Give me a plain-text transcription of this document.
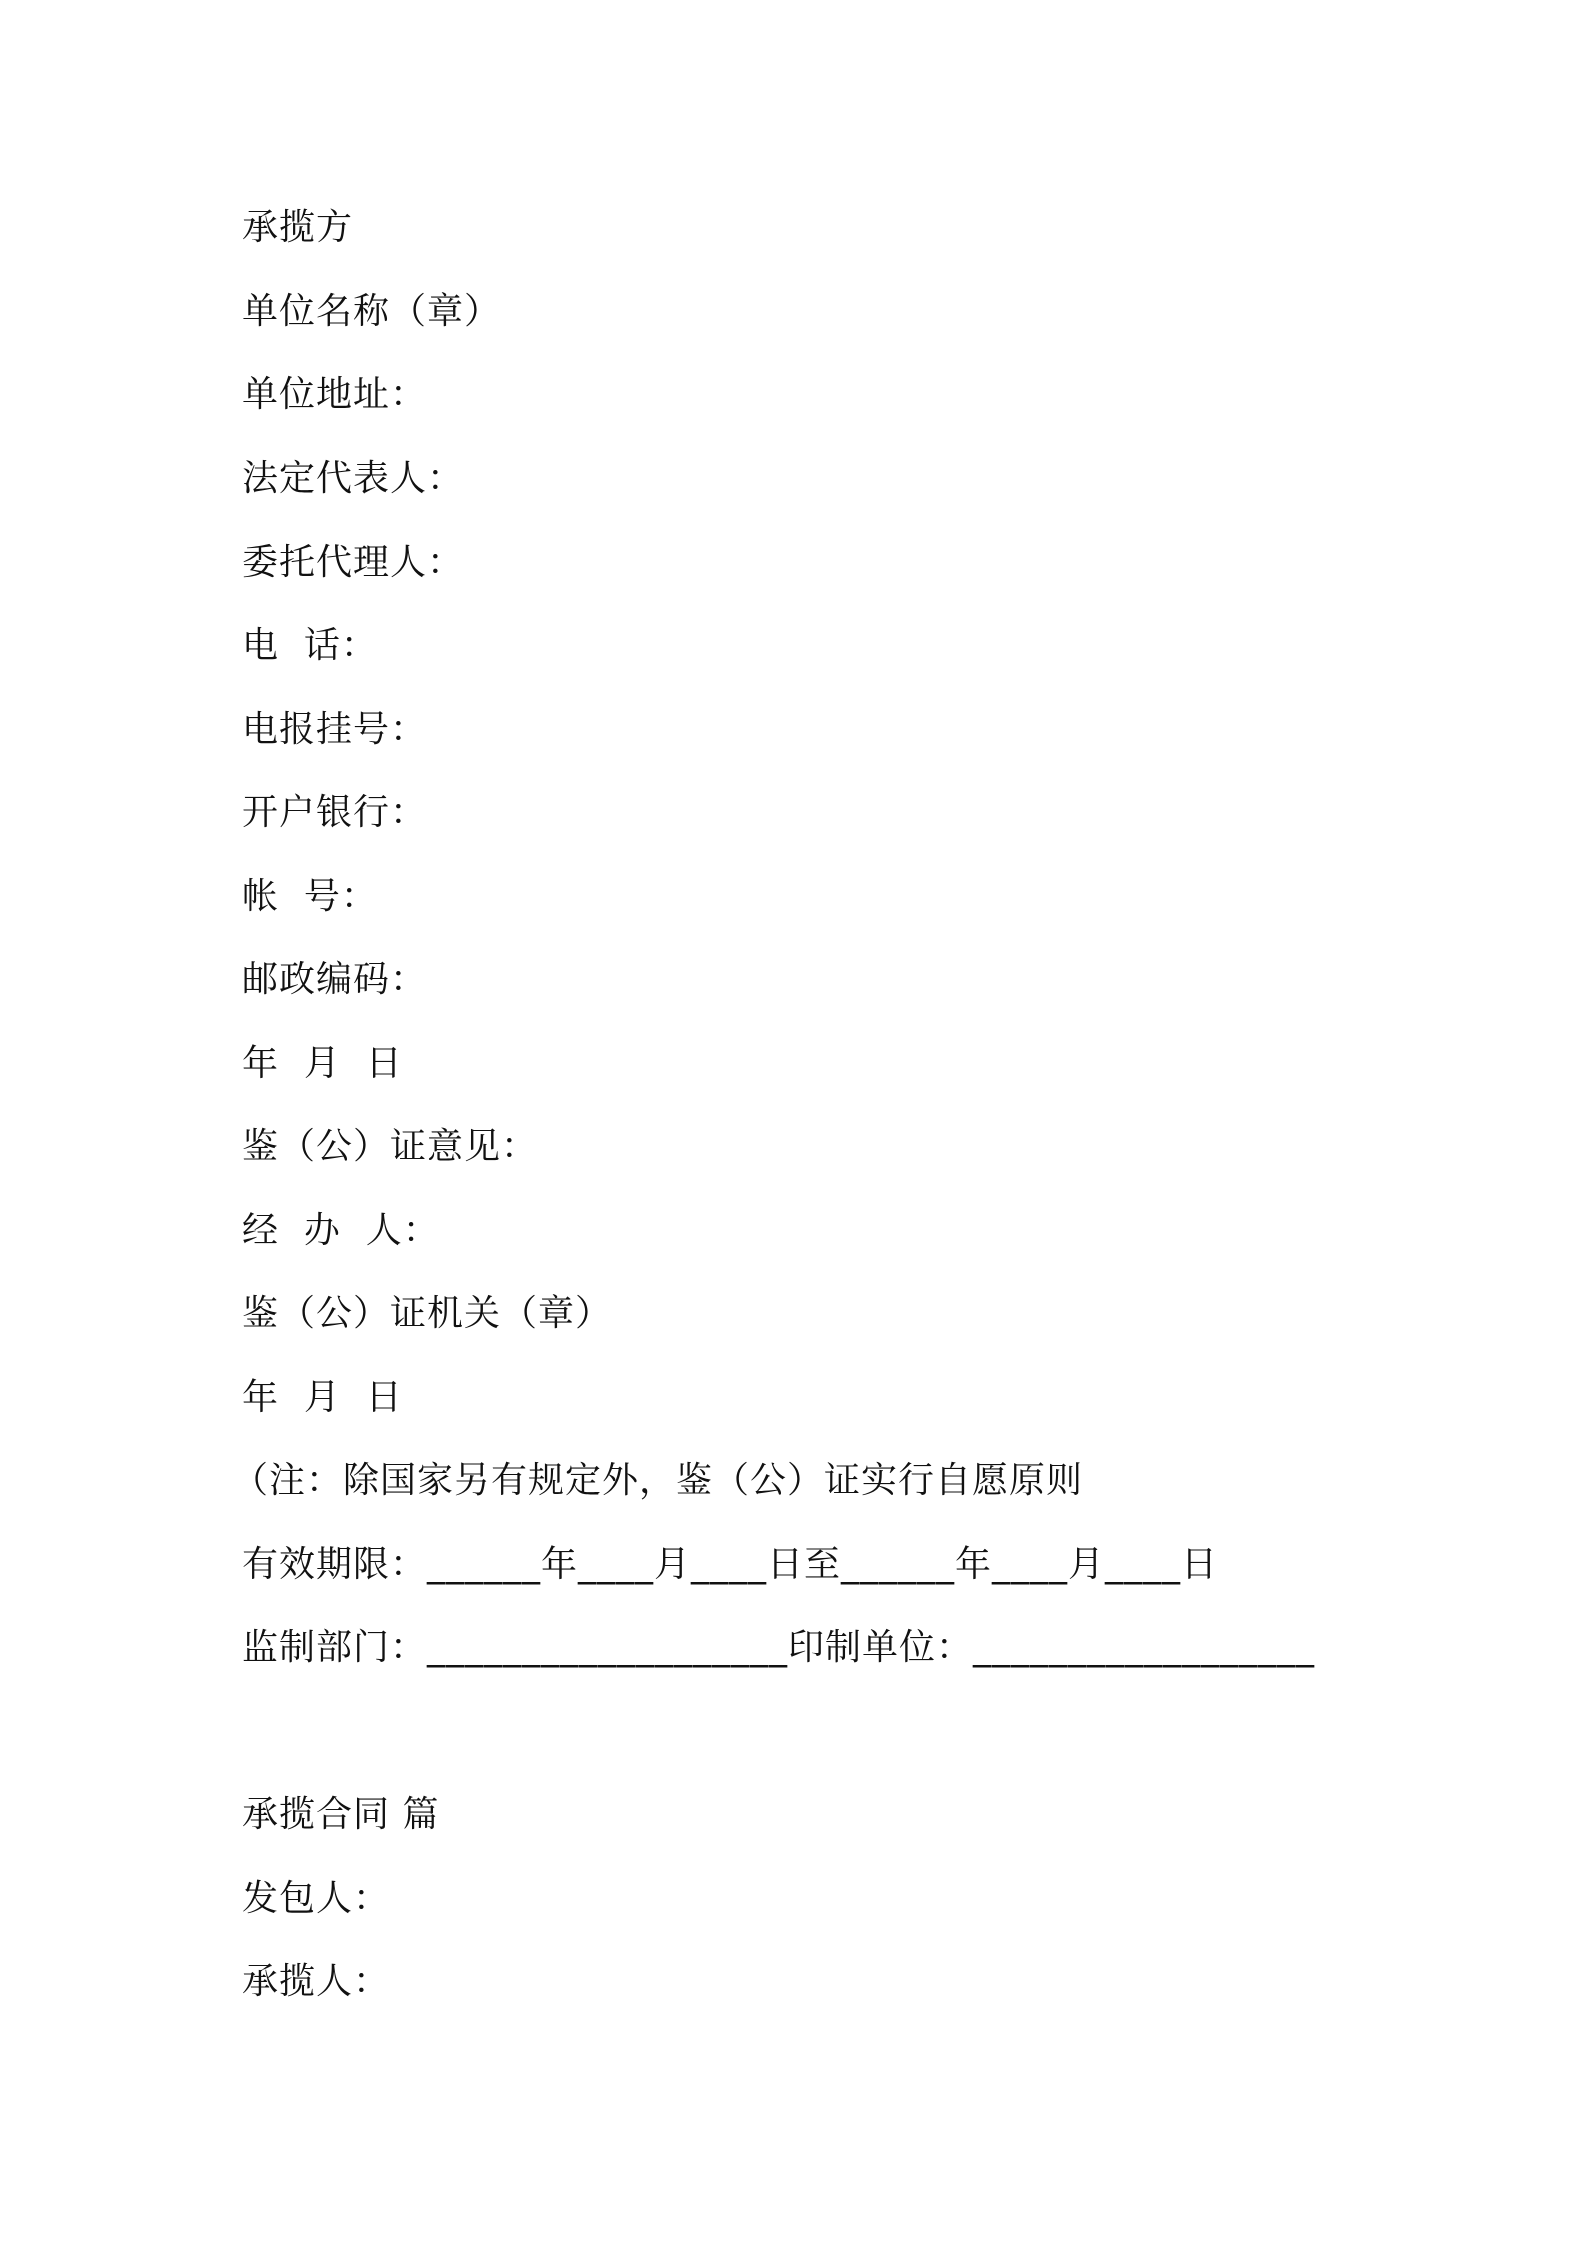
承揽方
单位名称（章）
单位地址：
法定代表人：
委托代理人：
电  话：
电报挂号：
开户银行：
帐  号：
邮政编码：
年  月  日
鉴（公）证意见：
经  办  人：
鉴（公）证机关（章）
年  月  日
（注：除国家另有规定外，鉴（公）证实行自愿原则
有效期限：______年____月____日至______年____月____日
监制部门：___________________印制单位：__________________
承揽合同 篇
发包人：
承揽人：
